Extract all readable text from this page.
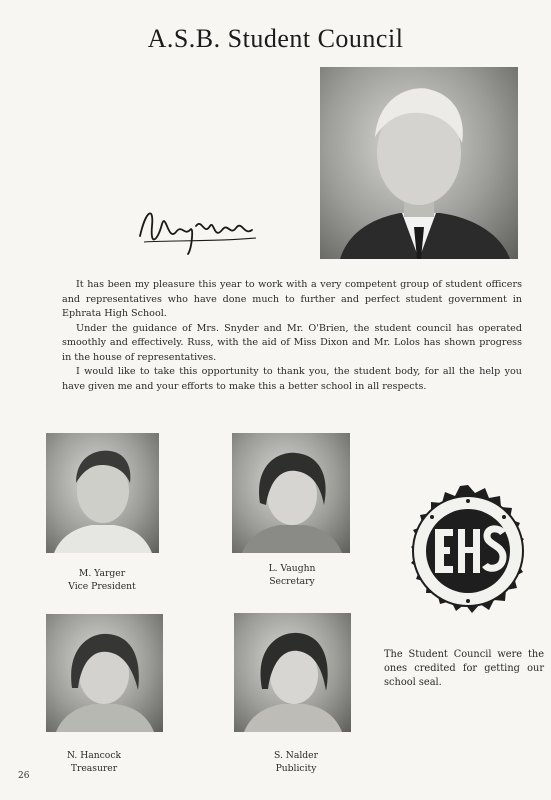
A.S.B. Student Council

It has been my pleasure this year to work with a very competent group of student officers and representatives who have done much to further and perfect student government in Ephrata High School.

Under the guidance of Mrs. Snyder and Mr. O'Brien, the student council has operated smoothly and effectively. Russ, with the aid of Miss Dixon and Mr. Lolos has shown progress in the house of representatives.

I would like to take this opportunity to thank you, the student body, for all the help you have given me and your efforts to make this a better school in all respects.

M. Yarger
Vice President
L. Vaughn
Secretary
N. Hancock
Treasurer
S. Nalder
Publicity
The Student Council were the ones credited for getting our school seal.
26
